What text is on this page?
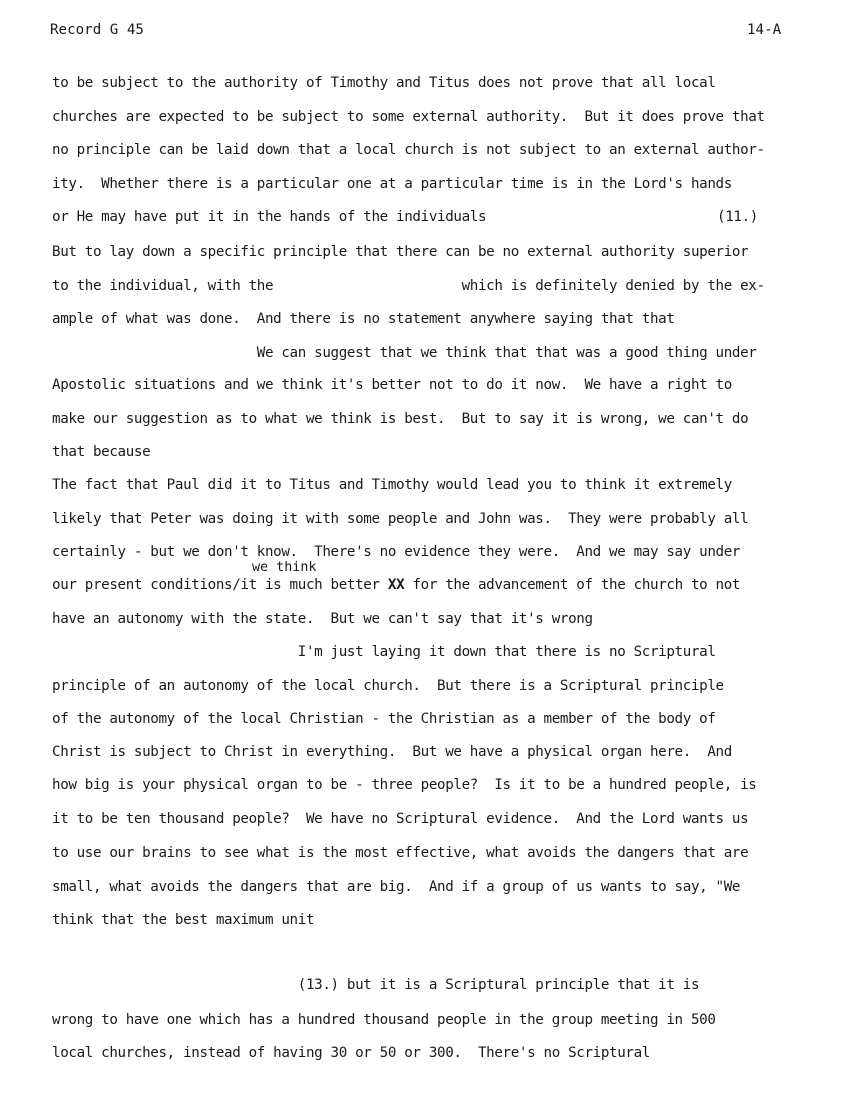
Record G 45	14-A
to be subject to the authority of Timothy and Titus does not prove that all local
churches are expected to be subject to some external authority.  But it does prove that
no principle can be laid down that a local church is not subject to an external author-
ity.  Whether there is a particular one at a particular time is in the Lord's hands
or He may have put it in the hands of the individuals	(11.)
But to lay down a specific principle that there can be no external authority superior
to the individual, with the                       which is definitely denied by the ex-
ample of what was done.  And there is no statement anywhere saying that that
We can suggest that we think that that was a good thing under
Apostolic situations and we think it's better not to do it now.  We have a right to
make our suggestion as to what we think is best.  But to say it is wrong, we can't do
that because
The fact that Paul did it to Titus and Timothy would lead you to think it extremely
likely that Peter was doing it with some people and John was.  They were probably all
certainly - but we don't know.  There's no evidence they were.  And we may say under
we think
our present conditions/it is much better XX for the advancement of the church to not
have an autonomy with the state.  But we can't say that it's wrong
I'm just laying it down that there is no Scriptural
principle of an autonomy of the local church.  But there is a Scriptural principle
of the autonomy of the local Christian - the Christian as a member of the body of
Christ is subject to Christ in everything.  But we have a physical organ here.  And
how big is your physical organ to be - three people?  Is it to be a hundred people, is
it to be ten thousand people?  We have no Scriptural evidence.  And the Lord wants us
to use our brains to see what is the most effective, what avoids the dangers that are
small, what avoids the dangers that are big.  And if a group of us wants to say, "We
think that the best maximum unit
(13.) but it is a Scriptural principle that it is
wrong to have one which has a hundred thousand people in the group meeting in 500
local churches, instead of having 30 or 50 or 300.  There's no Scriptural
